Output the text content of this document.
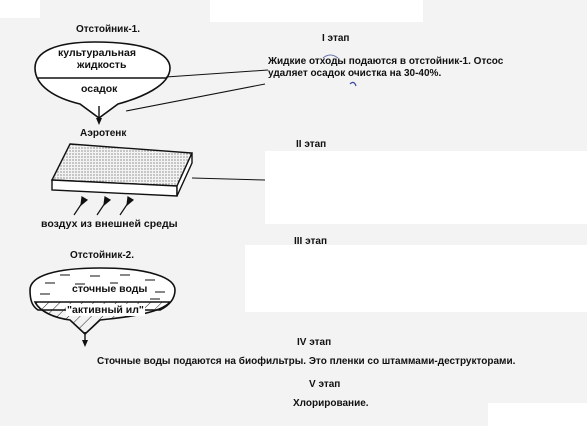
Отстойник-1.
культуральная
жидкость
осадок
Аэротенк
воздух из внешней среды
Отстойник-2.
сточные воды
"активный ил"
I этап
Жидкие отходы подаются в отстойник-1. Отсос
удаляет осадок очистка на 30-40%.
II этап
III этап
IV этап
Сточные воды подаются на биофильтры. Это пленки со штаммами-деструкторами.
V этап
Хлорирование.
